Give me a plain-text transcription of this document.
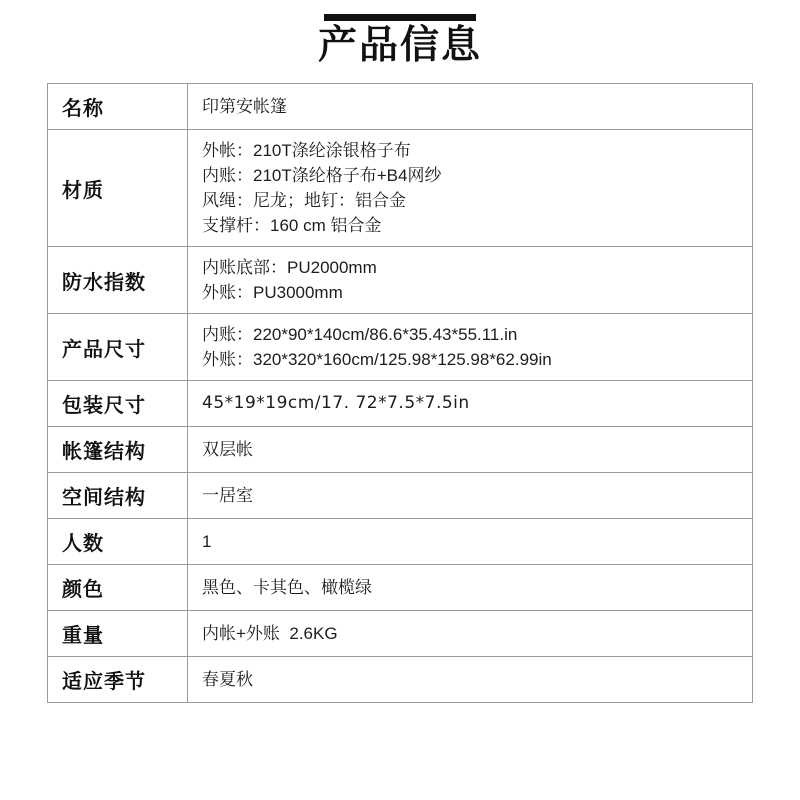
产品信息
名称	印第安帐篷

材质	外帐：210T涤纶涂银格子布
内账：210T涤纶格子布+B4网纱
风绳：尼龙；地钉：铝合金
支撑杆：160 cm 铝合金

防水指数	内账底部：PU2000mm
外账：PU3000mm

产品尺寸	内账：220*90*140cm/86.6*35.43*55.11.in
外账：320*320*160cm/125.98*125.98*62.99in

包装尺寸	45*19*19cm/17. 72*7.5*7.5in

帐篷结构	双层帐

空间结构	一居室

人数	1

颜色	黑色、卡其色、橄榄绿

重量	内帐+外账  2.6KG

适应季节	春夏秋
